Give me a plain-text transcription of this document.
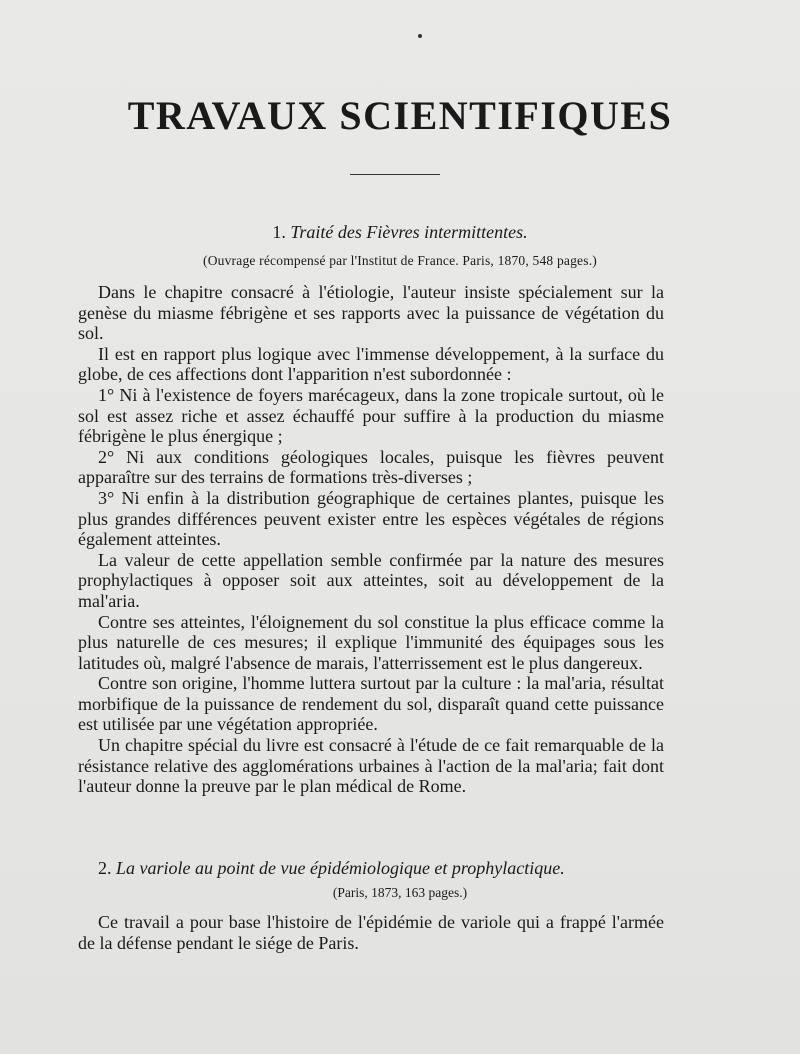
TRAVAUX SCIENTIFIQUES
1. Traité des Fièvres intermittentes.
(Ouvrage récompensé par l'Institut de France. Paris, 1870, 548 pages.)

Dans le chapitre consacré à l'étiologie, l'auteur insiste spécialement sur la genèse du miasme fébrigène et ses rapports avec la puissance de végétation du sol.

Il est en rapport plus logique avec l'immense développement, à la surface du globe, de ces affections dont l'apparition n'est subordonnée :

1° Ni à l'existence de foyers marécageux, dans la zone tropicale surtout, où le sol est assez riche et assez échauffé pour suffire à la production du miasme fébrigène le plus énergique ;

2° Ni aux conditions géologiques locales, puisque les fièvres peuvent apparaître sur des terrains de formations très-diverses ;

3° Ni enfin à la distribution géographique de certaines plantes, puisque les plus grandes différences peuvent exister entre les espèces végétales de régions également atteintes.

La valeur de cette appellation semble confirmée par la nature des mesures prophylactiques à opposer soit aux atteintes, soit au développement de la mal'aria.

Contre ses atteintes, l'éloignement du sol constitue la plus efficace comme la plus naturelle de ces mesures; il explique l'immunité des équipages sous les latitudes où, malgré l'absence de marais, l'atterrissement est le plus dangereux.

Contre son origine, l'homme luttera surtout par la culture : la mal'aria, résultat morbifique de la puissance de rendement du sol, disparaît quand cette puissance est utilisée par une végétation appropriée.

Un chapitre spécial du livre est consacré à l'étude de ce fait remarquable de la résistance relative des agglomérations urbaines à l'action de la mal'aria; fait dont l'auteur donne la preuve par le plan médical de Rome.

2. La variole au point de vue épidémiologique et prophylactique.
(Paris, 1873, 163 pages.)

Ce travail a pour base l'histoire de l'épidémie de variole qui a frappé l'armée de la défense pendant le siége de Paris.
